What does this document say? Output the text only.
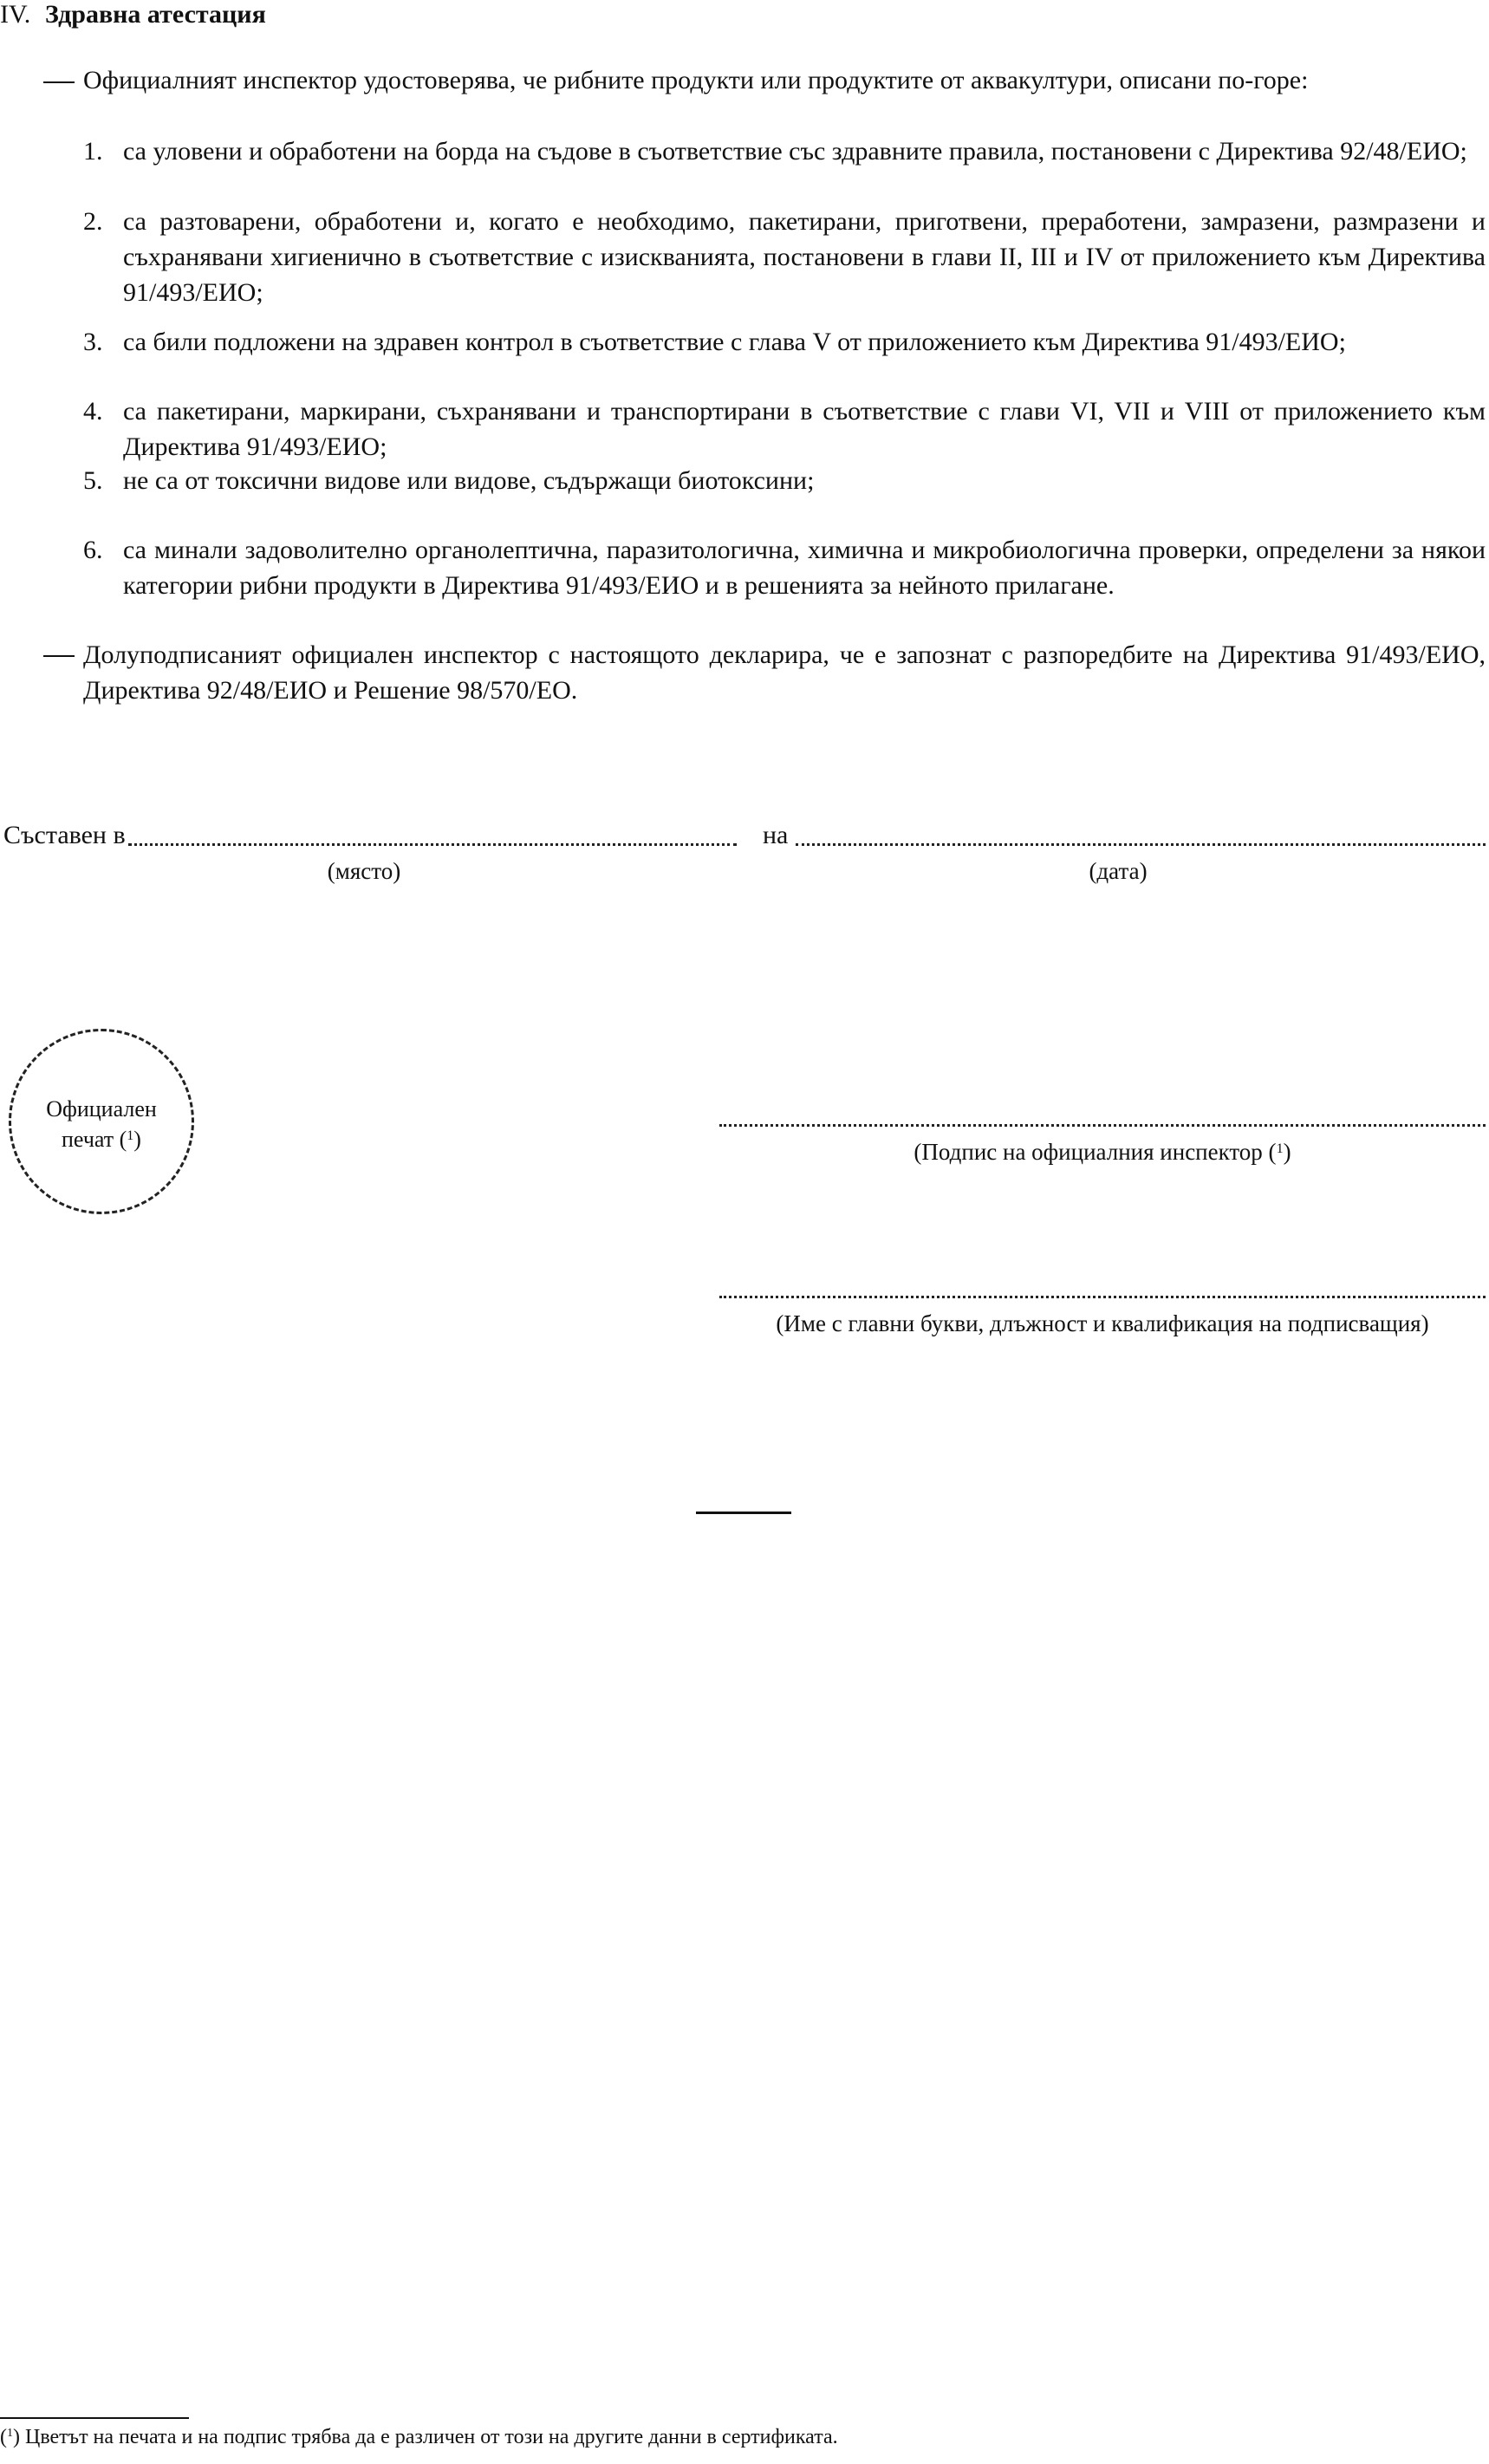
IV. Здравна атестация
Официалният инспектор удостоверява, че рибните продукти или продуктите от аквакултури, описани по-горе:
1. са уловени и обработени на борда на съдове в съответствие със здравните правила, постановени с Директива 92/48/ЕИО;
2. са разтоварени, обработени и, когато е необходимо, пакетирани, приготвени, преработени, замразени, размразени и съхранявани хигиенично в съответствие с изискванията, постановени в глави II, III и IV от приложението към Директива 91/493/ЕИО;
3. са били подложени на здравен контрол в съответствие с глава V от приложението към Директива 91/493/ЕИО;
4. са пакетирани, маркирани, съхранявани и транспортирани в съответствие с глави VI, VII и VIII от приложението към Директива 91/493/ЕИО;
5. не са от токсични видове или видове, съдържащи биотоксини;
6. са минали задоволително органолептична, паразитологична, химична и микробиологична проверки, определени за някои категории рибни продукти в Директива 91/493/ЕИО и в решенията за нейното прилагане.
Долуподписаният официален инспектор с настоящото декларира, че е запознат с разпоредбите на Директива 91/493/ЕИО, Директива 92/48/ЕИО и Решение 98/570/ЕО.
Съставен в	на
(място)	(дата)
Официален
печат ($^1$)	(Подпис на официалния инспектор ($^1$)
(Име с главни букви, длъжност и квалификация на подписващия)
($^1$) Цветът на печата и на подпис трябва да е различен от този на другите данни в сертификата.
